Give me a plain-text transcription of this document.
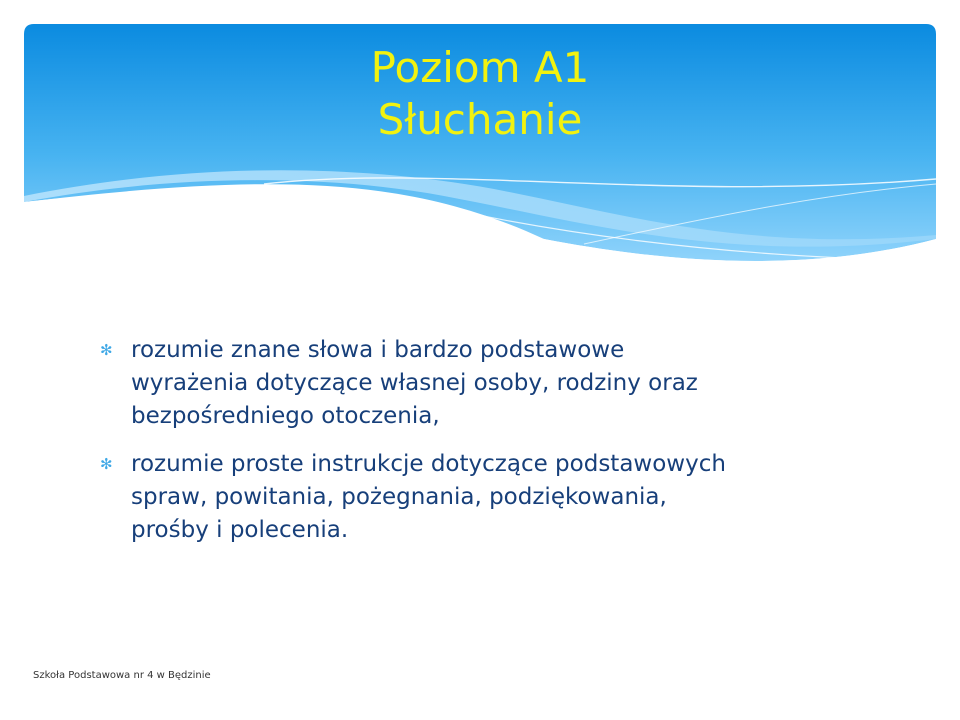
Poziom A1
Słuchanie
✻ rozumie znane słowa i bardzo podstawowe
wyrażenia dotyczące własnej osoby, rodziny oraz
bezpośredniego otoczenia,
✻ rozumie proste instrukcje dotyczące podstawowych
spraw, powitania, pożegnania, podziękowania,
prośby i polecenia.
Szkoła Podstawowa nr 4 w Będzinie
